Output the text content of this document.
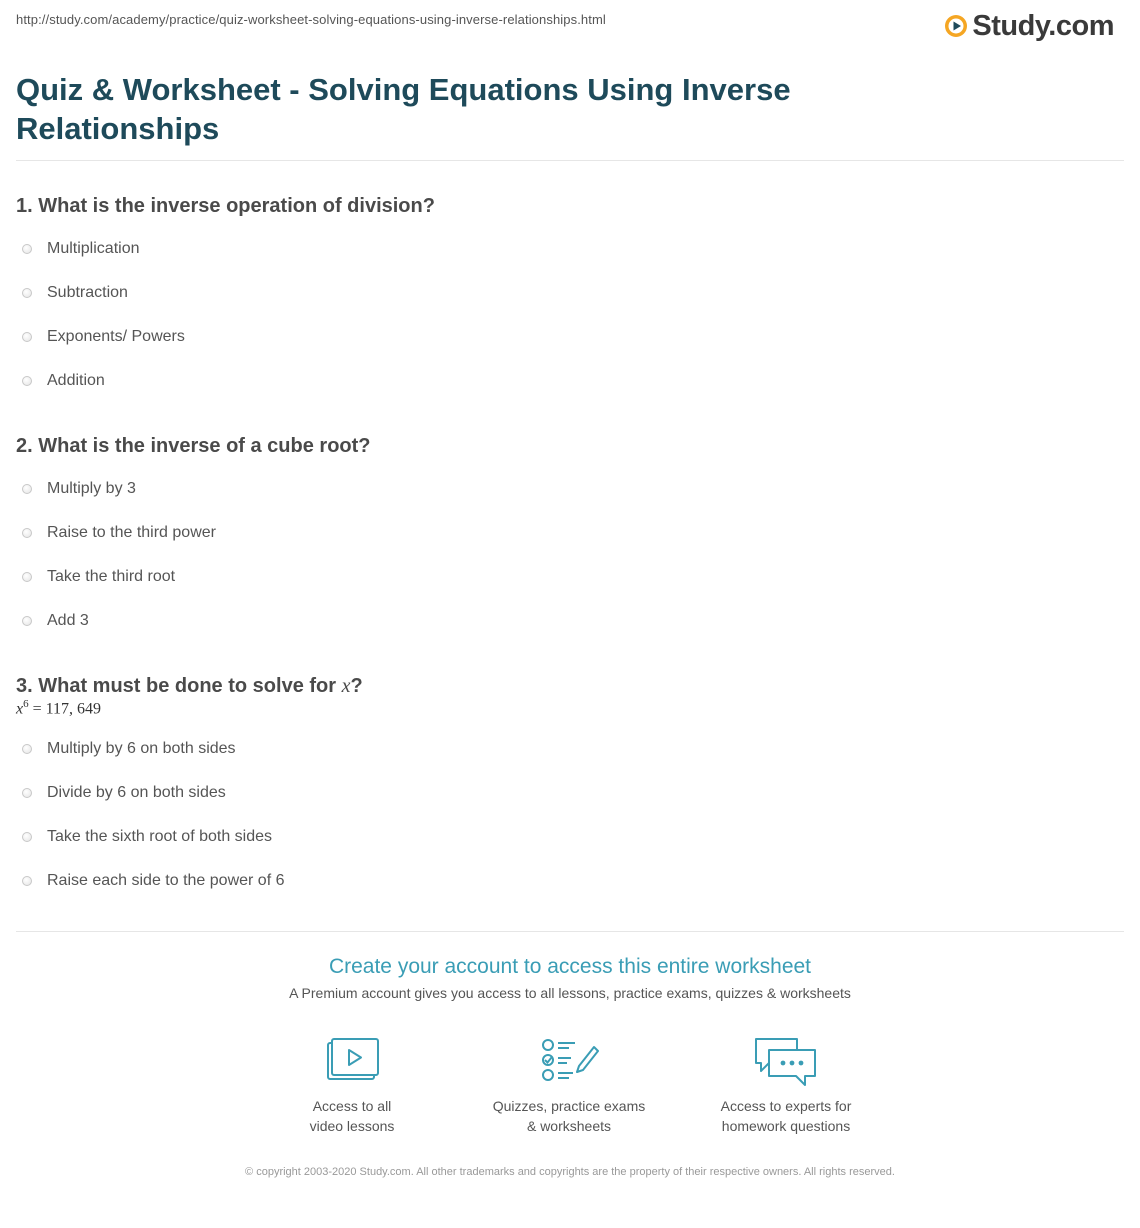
http://study.com/academy/practice/quiz-worksheet-solving-equations-using-inverse-relationships.html	Study.com
Quiz & Worksheet - Solving Equations Using Inverse Relationships
1. What is the inverse operation of division?
Multiplication
Subtraction
Exponents/ Powers
Addition
2. What is the inverse of a cube root?
Multiply by 3
Raise to the third power
Take the third root
Add 3
3. What must be done to solve for x?
$x^6 = 117$, 649
Multiply by 6 on both sides
Divide by 6 on both sides
Take the sixth root of both sides
Raise each side to the power of 6
Create your account to access this entire worksheet
A Premium account gives you access to all lessons, practice exams, quizzes & worksheets
Access to all
video lessons
Quizzes, practice exams
& worksheets
Access to experts for
homework questions
© copyright 2003-2020 Study.com. All other trademarks and copyrights are the property of their respective owners. All rights reserved.
